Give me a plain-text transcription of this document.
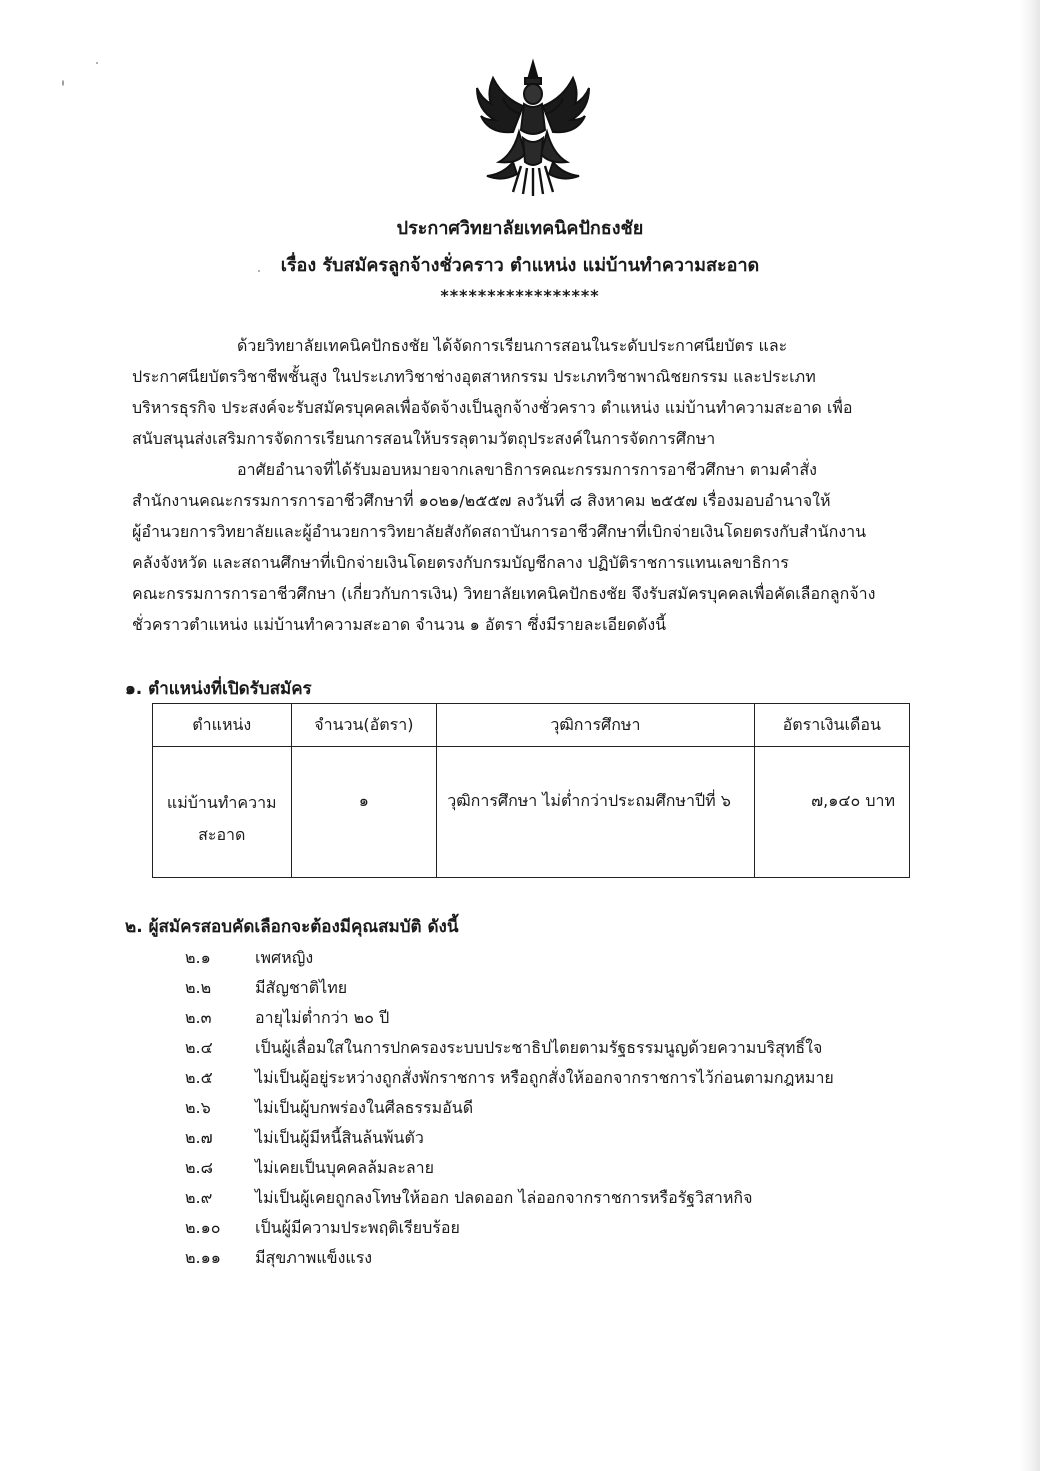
ประกาศวิทยาลัยเทคนิคปักธงชัย
เรื่อง รับสมัครลูกจ้างชั่วคราว ตำแหน่ง แม่บ้านทำความสะอาด
*****************
ด้วยวิทยาลัยเทคนิคปักธงชัย ได้จัดการเรียนการสอนในระดับประกาศนียบัตร และ
ประกาศนียบัตรวิชาชีพชั้นสูง ในประเภทวิชาช่างอุตสาหกรรม ประเภทวิชาพาณิชยกรรม และประเภท
บริหารธุรกิจ ประสงค์จะรับสมัครบุคคลเพื่อจัดจ้างเป็นลูกจ้างชั่วคราว ตำแหน่ง แม่บ้านทำความสะอาด เพื่อ
สนับสนุนส่งเสริมการจัดการเรียนการสอนให้บรรลุตามวัตถุประสงค์ในการจัดการศึกษา
อาศัยอำนาจที่ได้รับมอบหมายจากเลขาธิการคณะกรรมการการอาชีวศึกษา ตามคำสั่ง
สำนักงานคณะกรรมการการอาชีวศึกษาที่ ๑๐๒๑/๒๕๕๗ ลงวันที่ ๘ สิงหาคม ๒๕๕๗ เรื่องมอบอำนาจให้
ผู้อำนวยการวิทยาลัยและผู้อำนวยการวิทยาลัยสังกัดสถาบันการอาชีวศึกษาที่เบิกจ่ายเงินโดยตรงกับสำนักงาน
คลังจังหวัด และสถานศึกษาที่เบิกจ่ายเงินโดยตรงกับกรมบัญชีกลาง ปฏิบัติราชการแทนเลขาธิการ
คณะกรรมการการอาชีวศึกษา (เกี่ยวกับการเงิน) วิทยาลัยเทคนิคปักธงชัย จึงรับสมัครบุคคลเพื่อคัดเลือกลูกจ้าง
ชั่วคราวตำแหน่ง แม่บ้านทำความสะอาด จำนวน ๑ อัตรา ซึ่งมีรายละเอียดดังนี้
๑. ตำแหน่งที่เปิดรับสมัคร
ตำแหน่ง	จำนวน(อัตรา)	วุฒิการศึกษา	อัตราเงินเดือน

แม่บ้านทำความ
สะอาด	๑	วุฒิการศึกษา ไม่ต่ำกว่าประถมศึกษาปีที่ ๖	๗,๑๔๐ บาท
๒. ผู้สมัครสอบคัดเลือกจะต้องมีคุณสมบัติ ดังนี้
๒.๑	เพศหญิง
๒.๒	มีสัญชาติไทย
๒.๓	อายุไม่ต่ำกว่า ๒๐ ปี
๒.๔	เป็นผู้เลื่อมใสในการปกครองระบบประชาธิปไตยตามรัฐธรรมนูญด้วยความบริสุทธิ์ใจ
๒.๕	ไม่เป็นผู้อยู่ระหว่างถูกสั่งพักราชการ หรือถูกสั่งให้ออกจากราชการไว้ก่อนตามกฎหมาย
๒.๖	ไม่เป็นผู้บกพร่องในศีลธรรมอันดี
๒.๗	ไม่เป็นผู้มีหนี้สินล้นพ้นตัว
๒.๘	ไม่เคยเป็นบุคคลล้มละลาย
๒.๙	ไม่เป็นผู้เคยถูกลงโทษให้ออก ปลดออก ไล่ออกจากราชการหรือรัฐวิสาหกิจ
๒.๑๐ เป็นผู้มีความประพฤติเรียบร้อย
๒.๑๑ มีสุขภาพแข็งแรง
